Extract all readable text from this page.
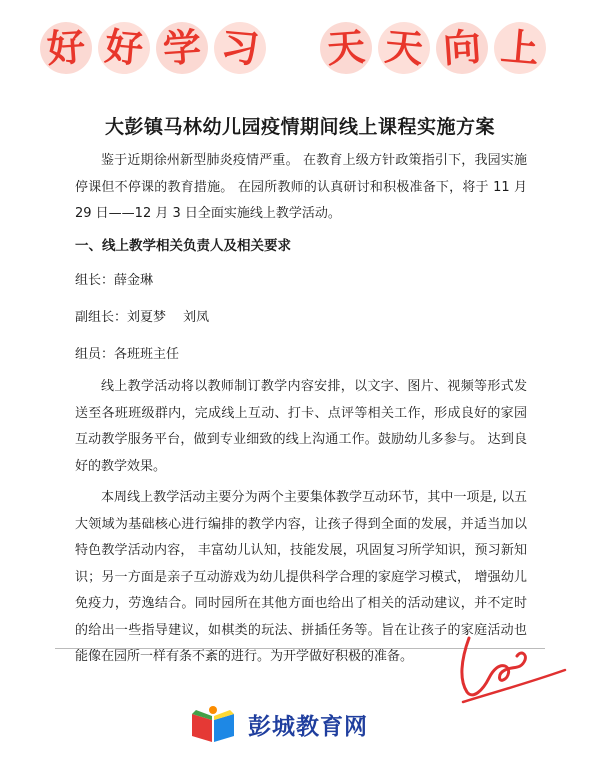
好 好 学 习 天 天 向 上
大彭镇马林幼儿园疫情期间线上课程实施方案

鉴于近期徐州新型肺炎疫情严重。 在教育上级方针政策指引下，我园实施停课但不停课的教育措施。 在园所教师的认真研讨和积极准备下，将于 11 月 29 日——12 月 3 日全面实施线上教学活动。

一、线上教学相关负责人及相关要求

组长：薛金琳

副组长：刘夏梦　 刘凤

组员：各班班主任

线上教学活动将以教师制订教学内容安排，以文字、图片、视频等形式发送至各班班级群内，完成线上互动、打卡、点评等相关工作，形成良好的家园互动教学服务平台，做到专业细致的线上沟通工作。鼓励幼儿多参与。 达到良好的教学效果。

本周线上教学活动主要分为两个主要集体教学互动环节，其中一项是, 以五大领域为基础核心进行编排的教学内容，让孩子得到全面的发展，并适当加以特色教学活动内容， 丰富幼儿认知，技能发展，巩固复习所学知识，预习新知识；另一方面是亲子互动游戏为幼儿提供科学合理的家庭学习模式， 增强幼儿免疫力，劳逸结合。同时园所在其他方面也给出了相关的活动建议，并不定时的给出一些指导建议，如棋类的玩法、拼插任务等。旨在让孩子的家庭活动也能像在园所一样有条不紊的进行。为开学做好积极的准备。

彭城教育网
